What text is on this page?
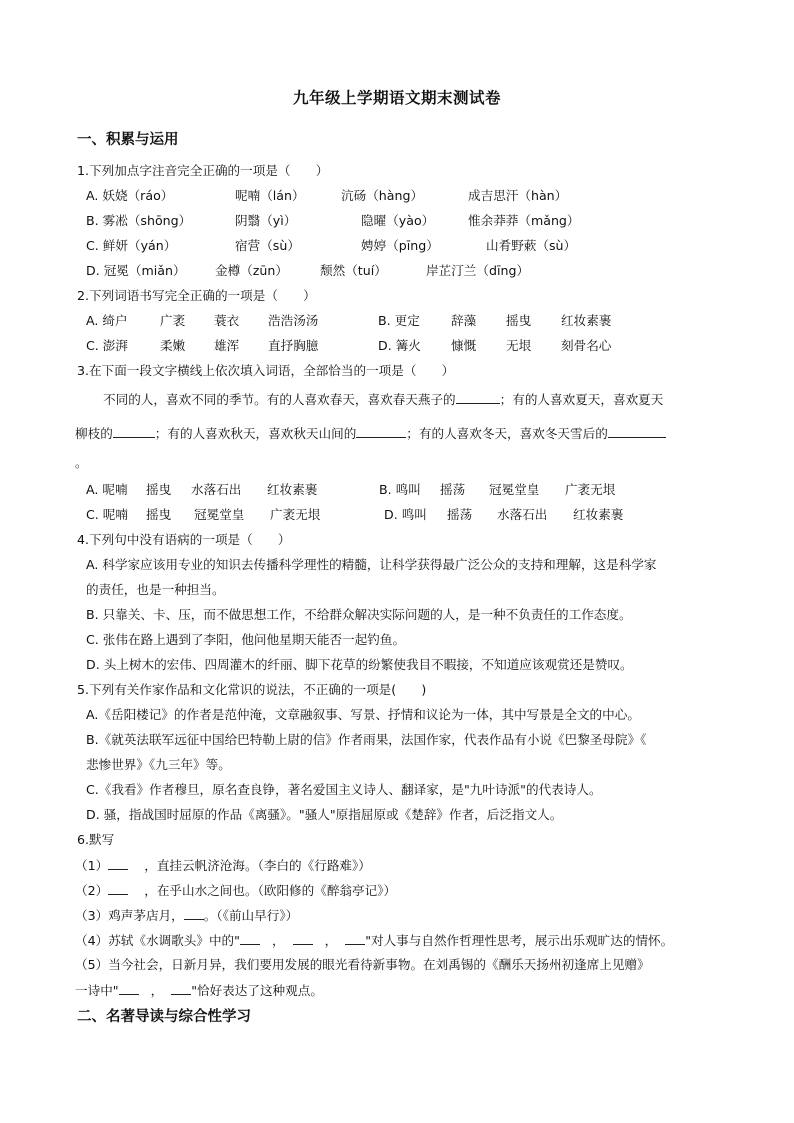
九年级上学期语文期末测试卷
一、积累与运用
1.下列加点字注音完全正确的一项是（　　）
A. 妖娆（ráo）	呢喃（lán）	沆砀（hàng）	成吉思汗（hàn）
B. 雾凇（shōng）	阴翳（yì）	隐曜（yào）	惟余莽莽（mǎng）
C. 鲜妍（yán）	宿营（sù）	娉婷（pīng）	山肴野蔌（sù）
D. 冠冕（miǎn） 金樽（zūn）	颓然（tuí）	岸芷汀兰（dīng）
2.下列词语书写完全正确的一项是（　　）
A. 绮户	广袤 蓑衣 浩浩汤汤	B. 更定 辞藻 摇曳 红妆素裹
C. 澎湃	柔嫩 雄浑 直抒胸臆	D. 篝火 慷慨 无垠 刻骨名心
3.在下面一段文字横线上依次填入词语，全部恰当的一项是（　　）
不同的人，喜欢不同的季节。有的人喜欢春天，喜欢春天燕子的	；有的人喜欢夏天，喜欢夏天
柳枝的	；有的人喜欢秋天，喜欢秋天山间的	；有的人喜欢冬天，喜欢冬天雪后的
。
A. 呢喃 摇曳 水落石出 红妆素裹	B. 鸣叫 摇荡 冠冕堂皇 广袤无垠
C. 呢喃 摇曳 冠冕堂皇 广袤无垠	D. 鸣叫 摇荡 水落石出 红妆素裹
4.下列句中没有语病的一项是（　　）
A. 科学家应该用专业的知识去传播科学理性的精髓，让科学获得最广泛公众的支持和理解，这是科学家
的责任，也是一种担当。
B. 只靠关、卡、压，而不做思想工作，不给群众解决实际问题的人，是一种不负责任的工作态度。
C. 张伟在路上遇到了李阳，他问他星期天能否一起钓鱼。
D. 头上树木的宏伟、四周灌木的纤丽、脚下花草的纷繁使我目不暇接，不知道应该观赏还是赞叹。
5.下列有关作家作品和文化常识的说法，不正确的一项是(　　)
A.《岳阳楼记》的作者是范仲淹，文章融叙事、写景、抒情和议论为一体，其中写景是全文的中心。
B.《就英法联军远征中国给巴特勒上尉的信》作者雨果，法国作家，代表作品有小说《巴黎圣母院》《
悲惨世界》《九三年》等。
C.《我看》作者穆旦，原名查良铮，著名爱国主义诗人、翻译家，是"九叶诗派"的代表诗人。
D. 骚，指战国时屈原的作品《离骚》。"骚人"原指屈原或《楚辞》作者，后泛指文人。
6.默写
（1）	，直挂云帆济沧海。（李白的《行路难》）
（2）	，在乎山水之间也。（欧阳修的《醉翁亭记》）
（3）鸡声茅店月， 。（《前山早行》）
（4）苏轼《水调歌头》中的"	，	， "对人事与自然作哲理性思考，展示出乐观旷达的情怀。
（5）当今社会，日新月异，我们要用发展的眼光看待新事物。在刘禹锡的《酬乐天扬州初逢席上见赠》
一诗中"	， "恰好表达了这种观点。
二、名著导读与综合性学习
